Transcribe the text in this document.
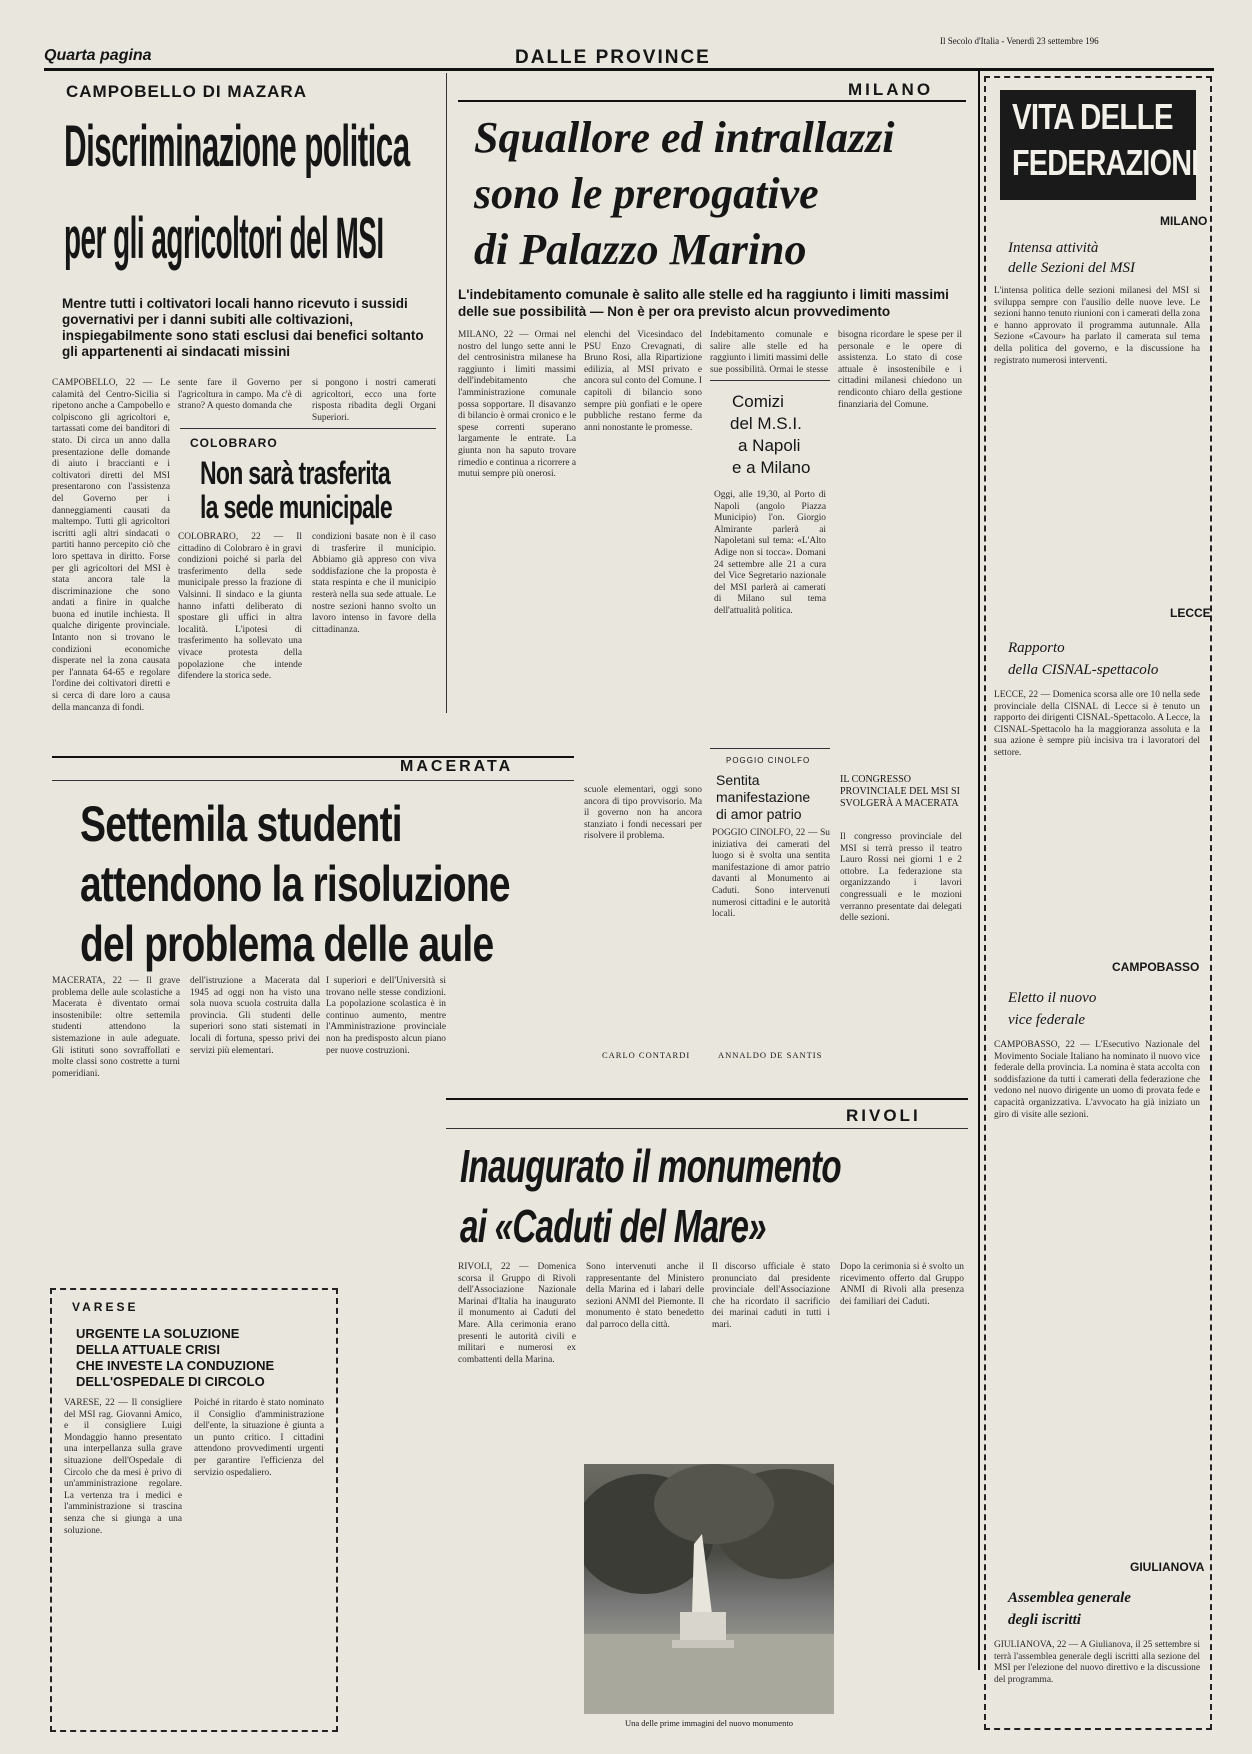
Quarta pagina	DALLE PROVINCE
Il Secolo d'Italia - Venerdì 23 settembre 196
CAMPOBELLO DI MAZARA
Discriminazione politica
per gli agricoltori del MSI
Mentre tutti i coltivatori locali hanno ricevuto i sussidi governativi per i danni subiti alle coltivazioni, inspiegabilmente sono stati esclusi dai benefici soltanto gli appartenenti ai sindacati missini
CAMPOBELLO, 22 — Le calamità del Centro-Sicilia si ripetono anche a Campobello e colpiscono gli agricoltori e, tartassati come dei banditori di stato. Di circa un anno dalla presentazione delle domande di aiuto i braccianti e i coltivatori diretti del MSI presentarono con l'assistenza del Governo per i danneggiamenti causati da maltempo. Tutti gli agricoltori iscritti agli altri sindacati o partiti hanno percepito ciò che loro spettava in diritto. Forse per gli agricoltori del MSI è stata ancora tale la discriminazione che sono andati a finire in qualche buona ed inutile inchiesta. Il qualche dirigente provinciale. Intanto non si trovano le condizioni economiche disperate nel la zona causata per l'annata 64-65 e regolare l'ordine dei coltivatori diretti e si cerca di dare loro a causa della mancanza di fondi.
sente fare il Governo per l'agricoltura in campo. Ma c'è di strano? A questo domanda che
si pongono i nostri camerati agricoltori, ecco una forte risposta ribadita degli Organi Superiori.
COLOBRARO
Non sarà trasferita
la sede municipale
COLOBRARO, 22 — Il cittadino di Colobraro è in gravi condizioni poiché si parla del trasferimento della sede municipale presso la frazione di Valsinni. Il sindaco e la giunta hanno infatti deliberato di spostare gli uffici in altra località. L'ipotesi di trasferimento ha sollevato una vivace protesta della popolazione che intende difendere la storica sede.
condizioni basate non è il caso di trasferire il municipio. Abbiamo già appreso con viva soddisfazione che la proposta è stata respinta e che il municipio resterà nella sua sede attuale. Le nostre sezioni hanno svolto un lavoro intenso in favore della cittadinanza.
MILANO
Squallore ed intrallazzi
sono le prerogative
di Palazzo Marino
L'indebitamento comunale è salito alle stelle ed ha raggiunto i limiti massimi delle sue possibilità — Non è per ora previsto alcun provvedimento
MILANO, 22 — Ormai nel nostro del lungo sette anni le del centrosinistra milanese ha raggiunto i limiti massimi dell'indebitamento che l'amministrazione comunale possa sopportare. Il disavanzo di bilancio è ormai cronico e le spese correnti superano largamente le entrate. La giunta non ha saputo trovare rimedio e continua a ricorrere a mutui sempre più onerosi.
elenchi del Vicesindaco del PSU Enzo Crevagnati, di Bruno Rosi, alla Ripartizione edilizia, al MSI privato e ancora sul conto del Comune. I capitoli di bilancio sono sempre più gonfiati e le opere pubbliche restano ferme da anni nonostante le promesse.
Indebitamento comunale e salire alle stelle ed ha raggiunto i limiti massimi delle sue possibilità. Ormai le stesse
bisogna ricordare le spese per il personale e le opere di assistenza. Lo stato di cose attuale è insostenibile e i cittadini milanesi chiedono un rendiconto chiaro della gestione finanziaria del Comune.
Comizi
del M.S.I.
a Napoli
e a Milano
Oggi, alle 19,30, al Porto di Napoli (angolo Piazza Municipio) l'on. Giorgio Almirante parlerà ai Napoletani sul tema: «L'Alto Adige non si tocca». Domani 24 settembre alle 21 a cura del Vice Segretario nazionale del MSI parlerà ai camerati di Milano sul tema dell'attualità politica.
POGGIO CINOLFO
Sentita
manifestazione
di amor patrio
POGGIO CINOLFO, 22 — Su iniziativa dei camerati del luogo si è svolta una sentita manifestazione di amor patrio davanti al Monumento ai Caduti. Sono intervenuti numerosi cittadini e le autorità locali.
IL CONGRESSO PROVINCIALE DEL MSI SI SVOLGERÀ A MACERATA
Il congresso provinciale del MSI si terrà presso il teatro Lauro Rossi nei giorni 1 e 2 ottobre. La federazione sta organizzando i lavori congressuali e le mozioni verranno presentate dai delegati delle sezioni.
scuole elementari, oggi sono ancora di tipo provvisorio. Ma il governo non ha ancora stanziato i fondi necessari per risolvere il problema.
CARLO CONTARDI	ANNALDO DE SANTIS
MACERATA
Settemila studenti
attendono la risoluzione
del problema delle aule
MACERATA, 22 — Il grave problema delle aule scolastiche a Macerata è diventato ormai insostenibile: oltre settemila studenti attendono la sistemazione in aule adeguate. Gli istituti sono sovraffollati e molte classi sono costrette a turni pomeridiani.
dell'istruzione a Macerata dal 1945 ad oggi non ha visto una sola nuova scuola costruita dalla provincia. Gli studenti delle superiori sono stati sistemati in locali di fortuna, spesso privi dei servizi più elementari.
I superiori e dell'Università si trovano nelle stesse condizioni. La popolazione scolastica è in continuo aumento, mentre l'Amministrazione provinciale non ha predisposto alcun piano per nuove costruzioni.
VARESE
URGENTE LA SOLUZIONE
DELLA ATTUALE CRISI
CHE INVESTE LA CONDUZIONE
DELL'OSPEDALE DI CIRCOLO
VARESE, 22 — Il consigliere del MSI rag. Giovanni Amico, e il consigliere Luigi Mondaggio hanno presentato una interpellanza sulla grave situazione dell'Ospedale di Circolo che da mesi è privo di un'amministrazione regolare. La vertenza tra i medici e l'amministrazione si trascina senza che si giunga a una soluzione.
Poiché in ritardo è stato nominato il Consiglio d'amministrazione dell'ente, la situazione è giunta a un punto critico. I cittadini attendono provvedimenti urgenti per garantire l'efficienza del servizio ospedaliero.
RIVOLI
Inaugurato il monumento
ai «Caduti del Mare»
RIVOLI, 22 — Domenica scorsa il Gruppo di Rivoli dell'Associazione Nazionale Marinai d'Italia ha inaugurato il monumento ai Caduti del Mare. Alla cerimonia erano presenti le autorità civili e militari e numerosi ex combattenti della Marina.
Sono intervenuti anche il rappresentante del Ministero della Marina ed i labari delle sezioni ANMI del Piemonte. Il monumento è stato benedetto dal parroco della città.
Il discorso ufficiale è stato pronunciato dal presidente provinciale dell'Associazione che ha ricordato il sacrificio dei marinai caduti in tutti i mari.
Dopo la cerimonia si è svolto un ricevimento offerto dal Gruppo ANMI di Rivoli alla presenza dei familiari dei Caduti.
Una delle prime immagini del nuovo monumento
VITA DELLE
FEDERAZIONI
MILANO
Intensa attività
delle Sezioni del MSI
L'intensa politica delle sezioni milanesi del MSI si sviluppa sempre con l'ausilio delle nuove leve. Le sezioni hanno tenuto riunioni con i camerati della zona e hanno approvato il programma autunnale. Alla Sezione «Cavour» ha parlato il camerata sul tema della politica del governo, e la discussione ha registrato numerosi interventi.
LECCE
Rapporto
della CISNAL-spettacolo
LECCE, 22 — Domenica scorsa alle ore 10 nella sede provinciale della CISNAL di Lecce si è tenuto un rapporto dei dirigenti CISNAL-Spettacolo. A Lecce, la CISNAL-Spettacolo ha la maggioranza assoluta e la sua azione è sempre più incisiva tra i lavoratori del settore.
CAMPOBASSO
Eletto il nuovo
vice federale
CAMPOBASSO, 22 — L'Esecutivo Nazionale del Movimento Sociale Italiano ha nominato il nuovo vice federale della provincia. La nomina è stata accolta con soddisfazione da tutti i camerati della federazione che vedono nel nuovo dirigente un uomo di provata fede e capacità organizzativa. L'avvocato ha già iniziato un giro di visite alle sezioni.
GIULIANOVA
Assemblea generale
degli iscritti
GIULIANOVA, 22 — A Giulianova, il 25 settembre si terrà l'assemblea generale degli iscritti alla sezione del MSI per l'elezione del nuovo direttivo e la discussione del programma.
